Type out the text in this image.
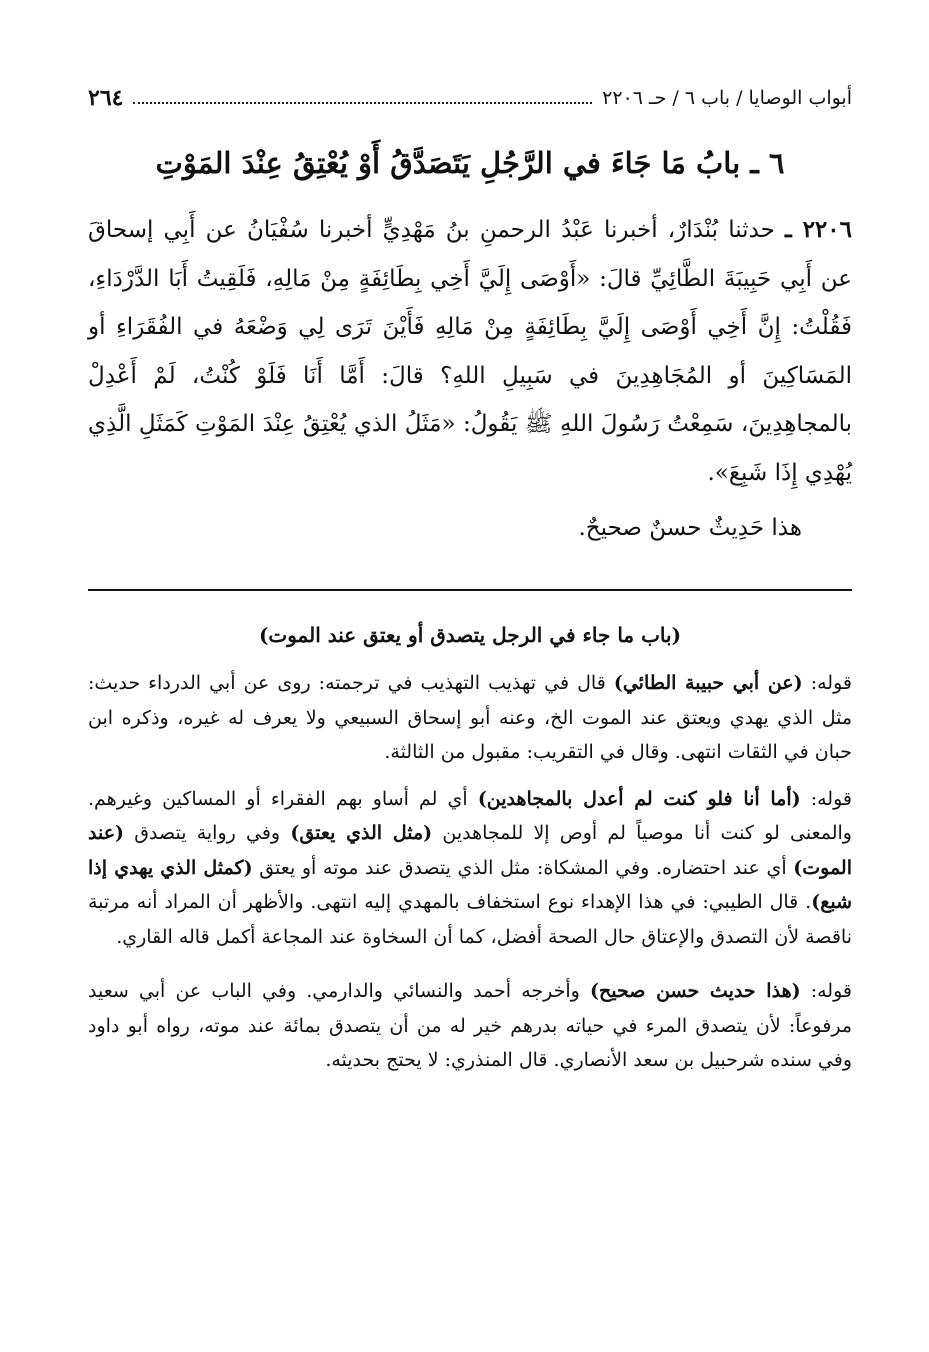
أبواب الوصايا / باب ٦ / حـ ٢٢٠٦
٢٦٤
٦ ـ بابُ مَا جَاءَ في الرَّجُلِ يَتَصَدَّقُ أَوْ يُعْتِقُ عِنْدَ المَوْتِ
٢٢٠٦ ـ حدثنا بُنْدَارٌ، أخبرنا عَبْدُ الرحمنِ بنُ مَهْدِيٍّ أخبرنا سُفْيَانُ عن أَبِي إسحاقَ عن أَبِي حَبِيبَةَ الطَّائِيِّ قالَ: «أَوْصَى إِلَيَّ أَخِي بِطَائِفَةٍ مِنْ مَالِهِ، فَلَقِيتُ أَبَا الدَّرْدَاءِ، فَقُلْتُ: إِنَّ أَخِي أَوْصَى إِلَيَّ بِطَائِفَةٍ مِنْ مَالِهِ فَأَيْنَ تَرَى لِي وَضْعَهُ في الفُقَرَاءِ أو المَسَاكِينَ أو المُجَاهِدِينَ في سَبِيلِ اللهِ؟ قالَ: أَمَّا أَنَا فَلَوْ كُنْتُ، لَمْ أَعْدِلْ بالمجاهِدِينَ، سَمِعْتُ رَسُولَ اللهِ ﷺ يَقُولُ: «مَثَلُ الذي يُعْتِقُ عِنْدَ المَوْتِ كَمَثَلِ الَّذِي يُهْدِي إِذَا شَبِعَ».
هذا حَدِيثٌ حسنٌ صحيحٌ.
(باب ما جاء في الرجل يتصدق أو يعتق عند الموت)
قوله: (عن أبي حبيبة الطائي) قال في تهذيب التهذيب في ترجمته: روى عن أبي الدرداء حديث: مثل الذي يهدي ويعتق عند الموت الخ، وعنه أبو إسحاق السبيعي ولا يعرف له غيره، وذكره ابن حبان في الثقات انتهى. وقال في التقريب: مقبول من الثالثة.
قوله: (أما أنا فلو كنت لم أعدل بالمجاهدين) أي لم أساو بهم الفقراء أو المساكين وغيرهم. والمعنى لو كنت أنا موصياً لم أوص إلا للمجاهدين (مثل الذي يعتق) وفي رواية يتصدق (عند الموت) أي عند احتضاره. وفي المشكاة: مثل الذي يتصدق عند موته أو يعتق (كمثل الذي يهدي إذا شبع). قال الطيبي: في هذا الإهداء نوع استخفاف بالمهدي إليه انتهى. والأظهر أن المراد أنه مرتبة ناقصة لأن التصدق والإعتاق حال الصحة أفضل، كما أن السخاوة عند المجاعة أكمل قاله القاري.
قوله: (هذا حديث حسن صحيح) وأخرجه أحمد والنسائي والدارمي. وفي الباب عن أبي سعيد مرفوعاً: لأن يتصدق المرء في حياته بدرهم خير له من أن يتصدق بمائة عند موته، رواه أبو داود وفي سنده شرحبيل بن سعد الأنصاري. قال المنذري: لا يحتج بحديثه.
